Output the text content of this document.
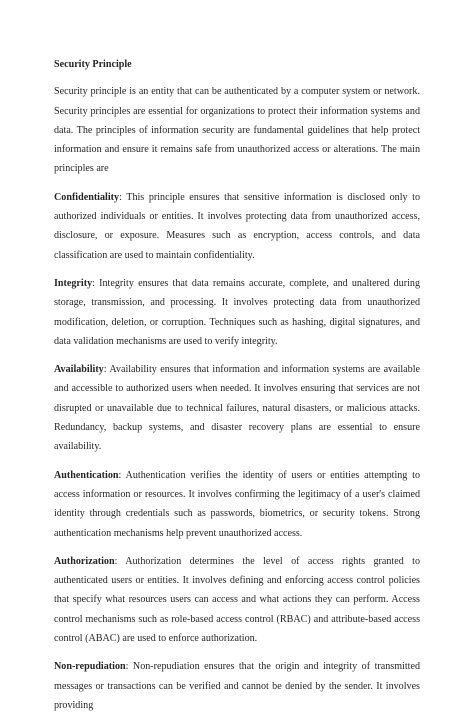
Security Principle

Security principle is an entity that can be authenticated by a computer system or network. Security principles are essential for organizations to protect their information systems and data. The principles of information security are fundamental guidelines that help protect information and ensure it remains safe from unauthorized access or alterations. The main principles are

Confidentiality: This principle ensures that sensitive information is disclosed only to authorized individuals or entities. It involves protecting data from unauthorized access, disclosure, or exposure. Measures such as encryption, access controls, and data classification are used to maintain confidentiality.

Integrity: Integrity ensures that data remains accurate, complete, and unaltered during storage, transmission, and processing. It involves protecting data from unauthorized modification, deletion, or corruption. Techniques such as hashing, digital signatures, and data validation mechanisms are used to verify integrity.

Availability: Availability ensures that information and information systems are available and accessible to authorized users when needed. It involves ensuring that services are not disrupted or unavailable due to technical failures, natural disasters, or malicious attacks. Redundancy, backup systems, and disaster recovery plans are essential to ensure availability.

Authentication: Authentication verifies the identity of users or entities attempting to access information or resources. It involves confirming the legitimacy of a user's claimed identity through credentials such as passwords, biometrics, or security tokens. Strong authentication mechanisms help prevent unauthorized access.

Authorization: Authorization determines the level of access rights granted to authenticated users or entities. It involves defining and enforcing access control policies that specify what resources users can access and what actions they can perform. Access control mechanisms such as role-based access control (RBAC) and attribute-based access control (ABAC) are used to enforce authorization.

Non-repudiation: Non-repudiation ensures that the origin and integrity of transmitted messages or transactions can be verified and cannot be denied by the sender. It involves providing
